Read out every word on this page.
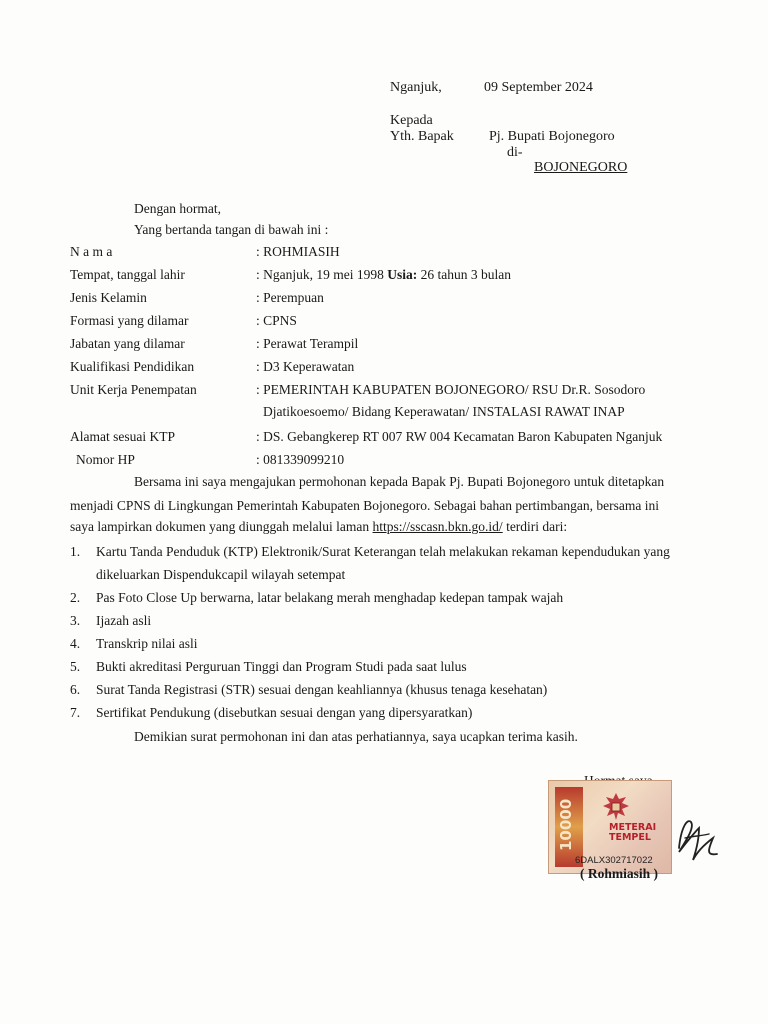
Nganjuk,	09 September 2024
Kepada
Yth. Bapak	Pj. Bupati Bojonegoro
di-
BOJONEGORO
Dengan hormat,
Yang bertanda tangan di bawah ini :
N a m a	: ROHMIASIH
Tempat, tanggal lahir	: Nganjuk, 19 mei 1998 Usia: 26 tahun 3 bulan
Jenis Kelamin	: Perempuan
Formasi yang dilamar	: CPNS
Jabatan yang dilamar	: Perawat Terampil
Kualifikasi Pendidikan	: D3 Keperawatan
Unit Kerja Penempatan	: PEMERINTAH KABUPATEN BOJONEGORO/ RSU Dr.R. Sosodoro
Djatikoesoemo/ Bidang Keperawatan/ INSTALASI RAWAT INAP
Alamat sesuai KTP	: DS. Gebangkerep RT 007 RW 004 Kecamatan Baron Kabupaten Nganjuk
Nomor HP	: 081339099210
Bersama ini saya mengajukan permohonan kepada Bapak Pj. Bupati Bojonegoro untuk ditetapkan
menjadi CPNS di Lingkungan Pemerintah Kabupaten Bojonegoro. Sebagai bahan pertimbangan, bersama ini
saya lampirkan dokumen yang diunggah melalui laman https://sscasn.bkn.go.id/ terdiri dari:
1. Kartu Tanda Penduduk (KTP) Elektronik/Surat Keterangan telah melakukan rekaman kependudukan yang
dikeluarkan Dispendukcapil wilayah setempat
2. Pas Foto Close Up berwarna, latar belakang merah menghadap kedepan tampak wajah
3. Ijazah asli
4. Transkrip nilai asli
5. Bukti akreditasi Perguruan Tinggi dan Program Studi pada saat lulus
6. Surat Tanda Registrasi (STR) sesuai dengan keahliannya (khusus tenaga kesehatan)
7. Sertifikat Pendukung (disebutkan sesuai dengan yang dipersyaratkan)
Demikian surat permohonan ini dan atas perhatiannya, saya ucapkan terima kasih.
10000	METERAI TEMPEL
6DALX302717022
( Rohmiasih )
